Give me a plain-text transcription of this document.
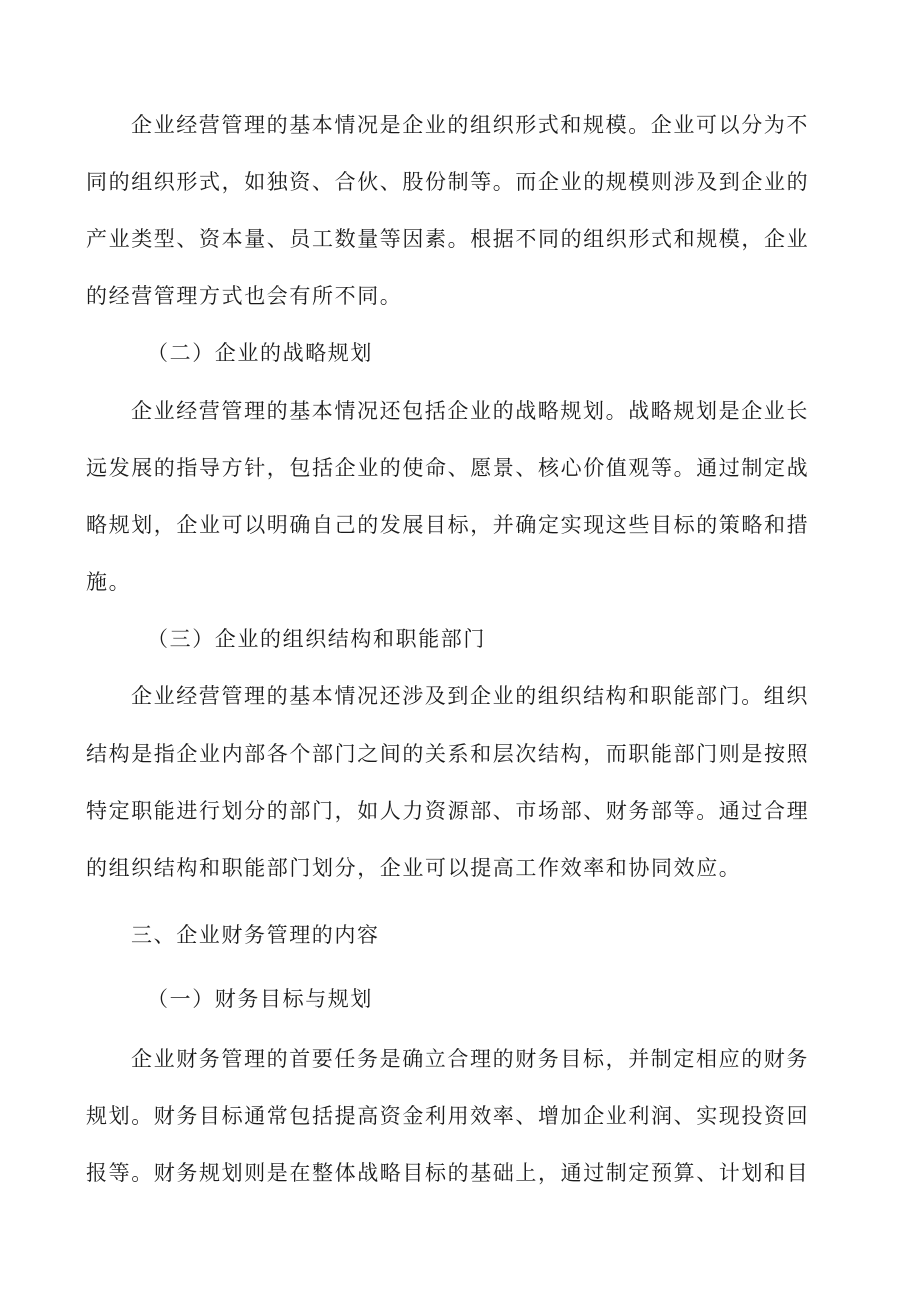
企业经营管理的基本情况是企业的组织形式和规模。企业可以分为不
同的组织形式，如独资、合伙、股份制等。而企业的规模则涉及到企业的
产业类型、资本量、员工数量等因素。根据不同的组织形式和规模，企业
的经营管理方式也会有所不同。
（二）企业的战略规划
企业经营管理的基本情况还包括企业的战略规划。战略规划是企业长
远发展的指导方针，包括企业的使命、愿景、核心价值观等。通过制定战
略规划，企业可以明确自己的发展目标，并确定实现这些目标的策略和措
施。
（三）企业的组织结构和职能部门
企业经营管理的基本情况还涉及到企业的组织结构和职能部门。组织
结构是指企业内部各个部门之间的关系和层次结构，而职能部门则是按照
特定职能进行划分的部门，如人力资源部、市场部、财务部等。通过合理
的组织结构和职能部门划分，企业可以提高工作效率和协同效应。
三、企业财务管理的内容
（一）财务目标与规划
企业财务管理的首要任务是确立合理的财务目标，并制定相应的财务
规划。财务目标通常包括提高资金利用效率、增加企业利润、实现投资回
报等。财务规划则是在整体战略目标的基础上，通过制定预算、计划和目
